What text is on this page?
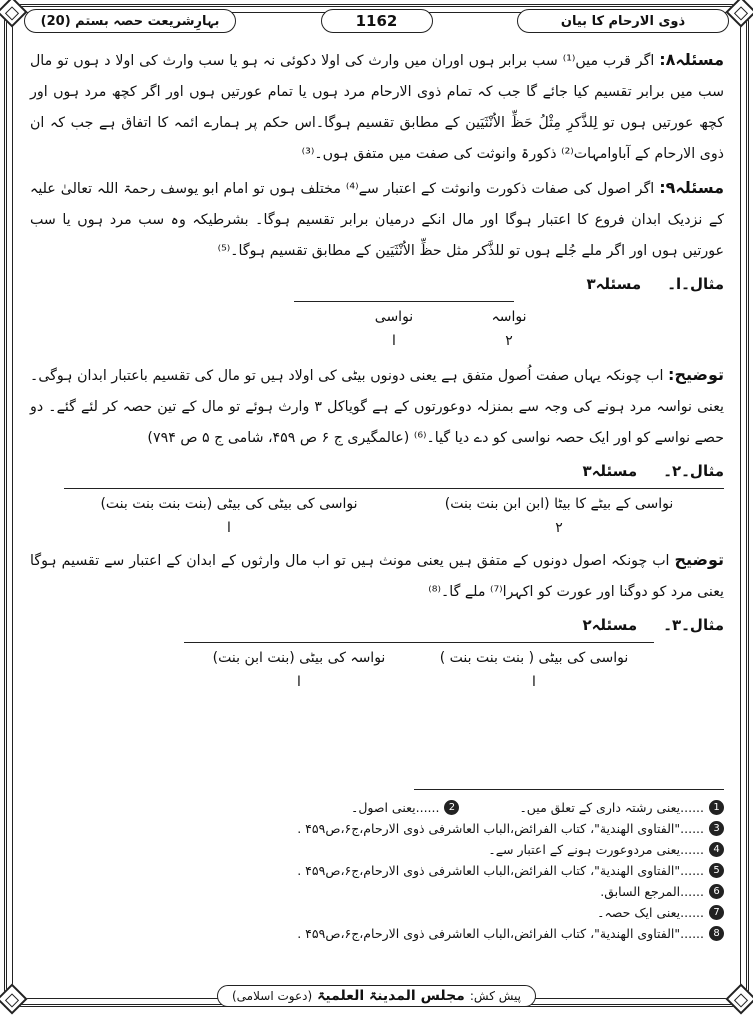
بہارِشریعت حصہ بستم (20)	1162	ذوی الارحام کا بیان

مسئلہ۸: اگر قرب میں⁽¹⁾ سب برابر ہوں اوران میں وارث کی اولا دکوئی نہ ہو یا سب وارث کی اولا د ہوں تو مال سب میں برابر تقسیم کیا جائے گا جب کہ تمام ذوی الارحام مرد ہوں یا تمام عورتیں ہوں اور اگر کچھ مرد ہوں اور کچھ عورتیں ہوں تو لِلذَّکرِ مِثْلُ حَظِّ الاُنْثَیَین کے مطابق تقسیم ہوگا۔اس حکم پر ہمارے ائمہ کا اتفاق ہے جب کہ ان ذوی الارحام کے آباوامہات⁽²⁾ ذکورۃ وانوثت کی صفت میں متفق ہوں۔⁽³⁾

مسئلہ۹: اگر اصول کی صفات ذکورت وانوثت کے اعتبار سے⁽⁴⁾ مختلف ہوں تو امام ابو یوسف رحمۃ اللہ تعالیٰ علیہ کے نزدیک ابدان فروع کا اعتبار ہوگا اور مال انکے درمیان برابر تقسیم ہوگا۔ بشرطیکہ وہ سب مرد ہوں یا سب عورتیں ہوں اور اگر ملے جُلے ہوں تو للذَّکر مثل حظِّ الاُنْثَیَین کے مطابق تقسیم ہوگا۔⁽⁵⁾

مثال۔ا۔
مسئلہ۳
نواسہ
۲
نواسی
ا

توضیح: اب چونکہ یہاں صفت اُصول متفق ہے یعنی دونوں بیٹی کی اولاد ہیں تو مال کی تقسیم باعتبار ابدان ہوگی۔یعنی نواسہ مرد ہونے کی وجہ سے بمنزلہ دوعورتوں کے ہے گویاکل ۳ وارث ہوئے تو مال کے تین حصہ کر لئے گئے۔ دو حصے نواسے کو اور ایک حصہ نواسی کو دے دیا گیا۔⁽⁶⁾ (عالمگیری ج ۶ ص ۴۵۹، شامی ج ۵ ص ۷۹۴)

مثال۔۲۔
مسئلہ۳
نواسی کے بیٹے کا بیٹا (ابن ابن بنت بنت)
۲
نواسی کی بیٹی کی بیٹی (بنت بنت بنت بنت)
ا

توضیح اب چونکہ اصول دونوں کے متفق ہیں یعنی مونث ہیں تو اب مال وارثوں کے ابدان کے اعتبار سے تقسیم ہوگا یعنی مرد کو دوگنا اور عورت کو اکہرا⁽⁷⁾ ملے گا۔⁽⁸⁾

مثال۔۳۔
مسئلہ۲
نواسی کی بیٹی ( بنت بنت بنت )
ا
نواسہ کی بیٹی (بنت ابن بنت)
ا
1
......یعنی رشتہ داری کے تعلق میں۔
2
......یعنی اصول۔
3
......"الفتاوی الھندیة"، کتاب الفرائض،الباب العاشرفی ذوی الارحام،ج۶،ص۴۵۹ .
4
......یعنی مردوعورت ہونے کے اعتبار سے۔
5
......"الفتاوی الھندیة"، کتاب الفرائض،الباب العاشرفی ذوی الارحام،ج۶،ص۴۵۹ .
6
......المرجع السابق.
7
......یعنی ایک حصہ۔
8
......"الفتاوی الھندیة"، کتاب الفرائض،الباب العاشرفی ذوی الارحام،ج۶،ص۴۵۹ .
پیش کش:
مجلس المدینۃ العلمیۃ
(دعوت اسلامی)
